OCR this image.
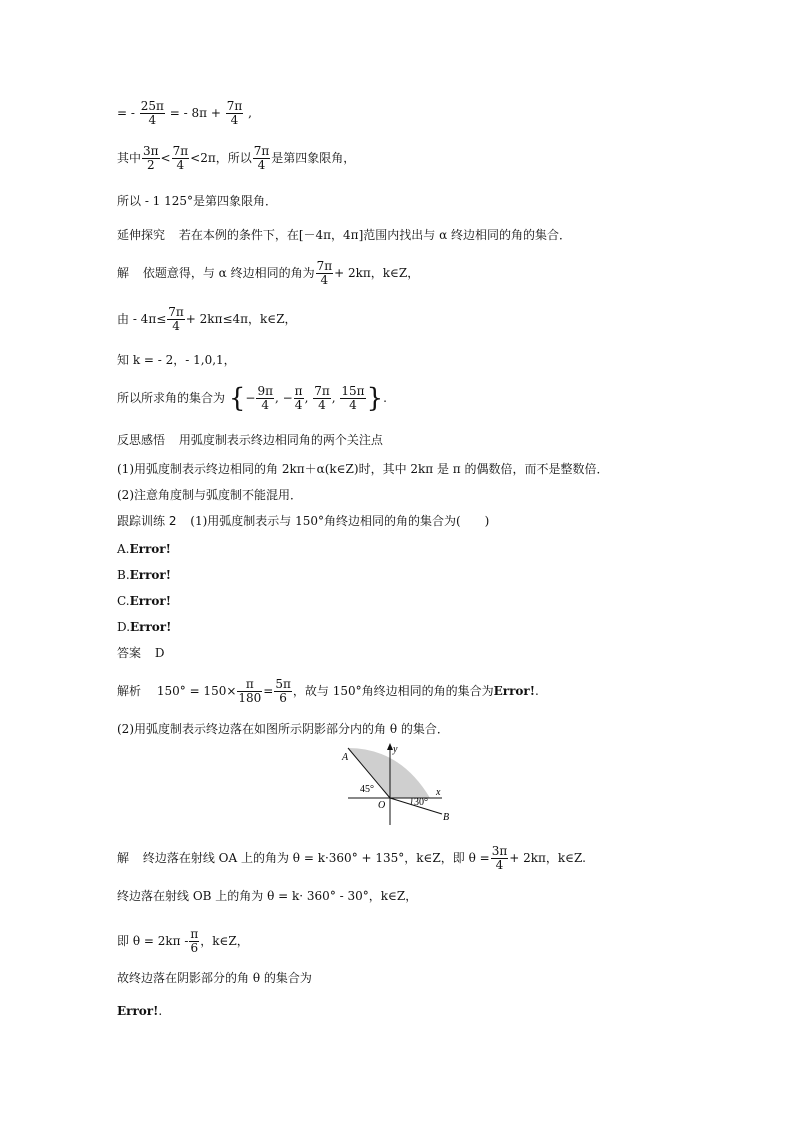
= - $\frac{25\pi}{4}$ = - $8\pi + \frac{7\pi}{4}$ ,
其中 $\frac{3\pi}{2} < \frac{7\pi}{4} <2\pi$，所以 $\frac{7\pi}{4}$ 是第四象限角，
所以 - 1 125°是第四象限角．
延伸探究 若在本例的条件下，在[－4π，4π]范围内找出与 α 终边相同的角的集合．
解 依题意得，与 α 终边相同的角为 $\frac{7\pi}{4} + 2k\pi$，k∈Z，
由 - $4\pi\le \frac{7\pi}{4} + 2k\pi\le 4\pi$，k∈Z，
知 k = - 2，- 1,0,1，
所以所求角的集合为 {− $\frac{9\pi}{4}$ , − $\frac{\pi}{4}$ , $\frac{7\pi}{4}$ , $\frac{15\pi}{4}$ }.
反思感悟 用弧度制表示终边相同角的两个关注点
(1)用弧度制表示终边相同的角 2kπ＋α(k∈Z)时，其中 2kπ 是 π 的偶数倍，而不是整数倍．
(2)注意角度制与弧度制不能混用．
跟踪训练 2 (1)用弧度制表示与 150°角终边相同的角的集合为(　　)
A.Error!
B.Error!
C.Error!
D.Error!
答案 D
解析 $150^\circ = 150\times \frac{\pi}{180} = \frac{5\pi}{6}$ ，故与 150°角终边相同的角的集合为Error!.
(2)用弧度制表示终边落在如图所示阴影部分内的角 θ 的集合．
y
x
A
B
O
45°
30°
解 终边落在射线 OA 上的角为 θ = k·360° + 135°，k∈Z，即 $\theta = \frac{3\pi}{4} + 2k\pi$，k∈Z.
终边落在射线 OB 上的角为 θ = k· 360° - 30°，k∈Z，
即 $\theta = 2k\pi - \frac{\pi}{6}$ ，k∈Z，
故终边落在阴影部分的角 θ 的集合为
Error!.
